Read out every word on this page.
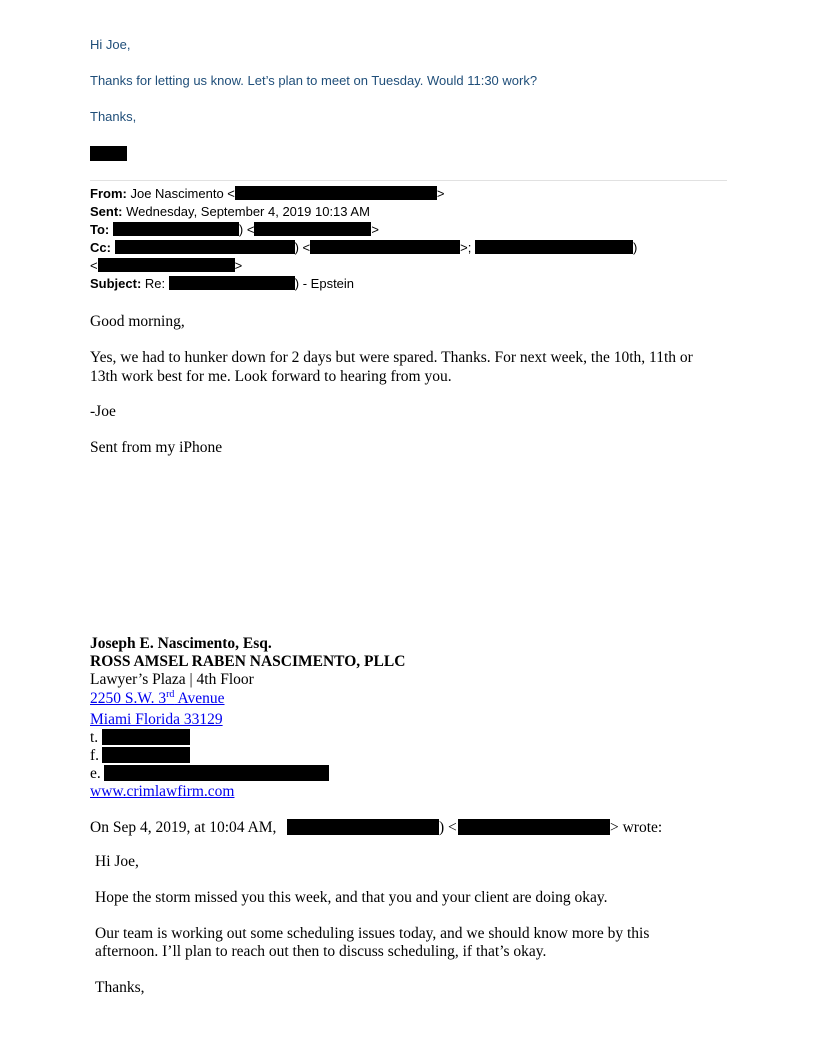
Hi Joe,

Thanks for letting us know. Let’s plan to meet on Tuesday. Would 11:30 work?

Thanks,

From: Joe Nascimento <	>

Sent: Wednesday, September 4, 2019 10:13 AM

To:	) <	>

Cc:	) <	>;	)

<	>

Subject: Re:	) - Epstein

Good morning,

Yes, we had to hunker down for 2 days but were spared. Thanks. For next week, the 10th, 11th or

13th work best for me. Look forward to hearing from you.

-Joe

Sent from my iPhone

Joseph E. Nascimento, Esq.

ROSS AMSEL RABEN NASCIMENTO, PLLC

Lawyer’s Plaza | 4th Floor

2250 S.W. 3rd Avenue

Miami Florida 33129

t.

f.

e.

www.crimlawfirm.com

On Sep 4, 2019, at 10:04 AM,	) <	> wrote:

Hi Joe,

Hope the storm missed you this week, and that you and your client are doing okay.

Our team is working out some scheduling issues today, and we should know more by this

afternoon. I’ll plan to reach out then to discuss scheduling, if that’s okay.

Thanks,
